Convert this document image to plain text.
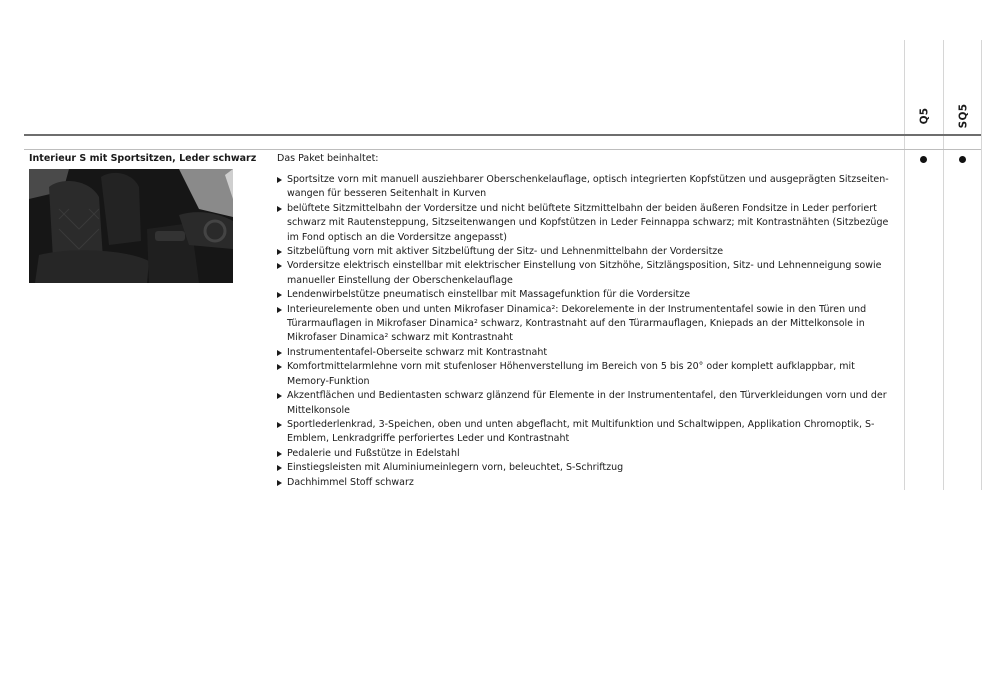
Q5	SQ5
Interieur S mit Sportsitzen, Leder schwarz Das Paket beinhaltet:
Sportsitze vorn mit manuell ausziehbarer Oberschenkelauflage, optisch integrierten Kopfstützen und ausgeprägten Sitzseiten-wangen für besseren Seitenhalt in Kurven
belüftete Sitzmittelbahn der Vordersitze und nicht belüftete Sitzmittelbahn der beiden äußeren Fondsitze in Leder perforiert schwarz mit Rautensteppung, Sitzseitenwangen und Kopfstützen in Leder Feinnappa schwarz; mit Kontrastnähten (Sitzbezüge im Fond optisch an die Vordersitze angepasst)
Sitzbelüftung vorn mit aktiver Sitzbelüftung der Sitz- und Lehnenmittelbahn der Vordersitze
Vordersitze elektrisch einstellbar mit elektrischer Einstellung von Sitzhöhe, Sitzlängsposition, Sitz- und Lehnenneigung sowie manueller Einstellung der Oberschenkelauflage
Lendenwirbelstütze pneumatisch einstellbar mit Massagefunktion für die Vordersitze
Interieurelemente oben und unten Mikrofaser Dinamica²: Dekorelemente in der Instrumententafel sowie in den Türen und Türarmauflagen in Mikrofaser Dinamica² schwarz, Kontrastnaht auf den Türarmauflagen, Kniepads an der Mittelkonsole in Mikrofaser Dinamica² schwarz mit Kontrastnaht
Instrumententafel-Oberseite schwarz mit Kontrastnaht
Komfortmittelarmlehne vorn mit stufenloser Höhenverstellung im Bereich von 5 bis 20° oder komplett aufklappbar, mit Memory-Funktion
Akzentflächen und Bedientasten schwarz glänzend für Elemente in der Instrumententafel, den Türverkleidungen vorn und der Mittelkonsole
Sportlederlenkrad, 3-Speichen, oben und unten abgeflacht, mit Multifunktion und Schaltwippen, Applikation Chromoptik, S-Emblem, Lenkradgriffe perforiertes Leder und Kontrastnaht
Pedalerie und Fußstütze in Edelstahl
Einstiegsleisten mit Aluminiumeinlegern vorn, beleuchtet, S-Schriftzug
Dachhimmel Stoff schwarz
